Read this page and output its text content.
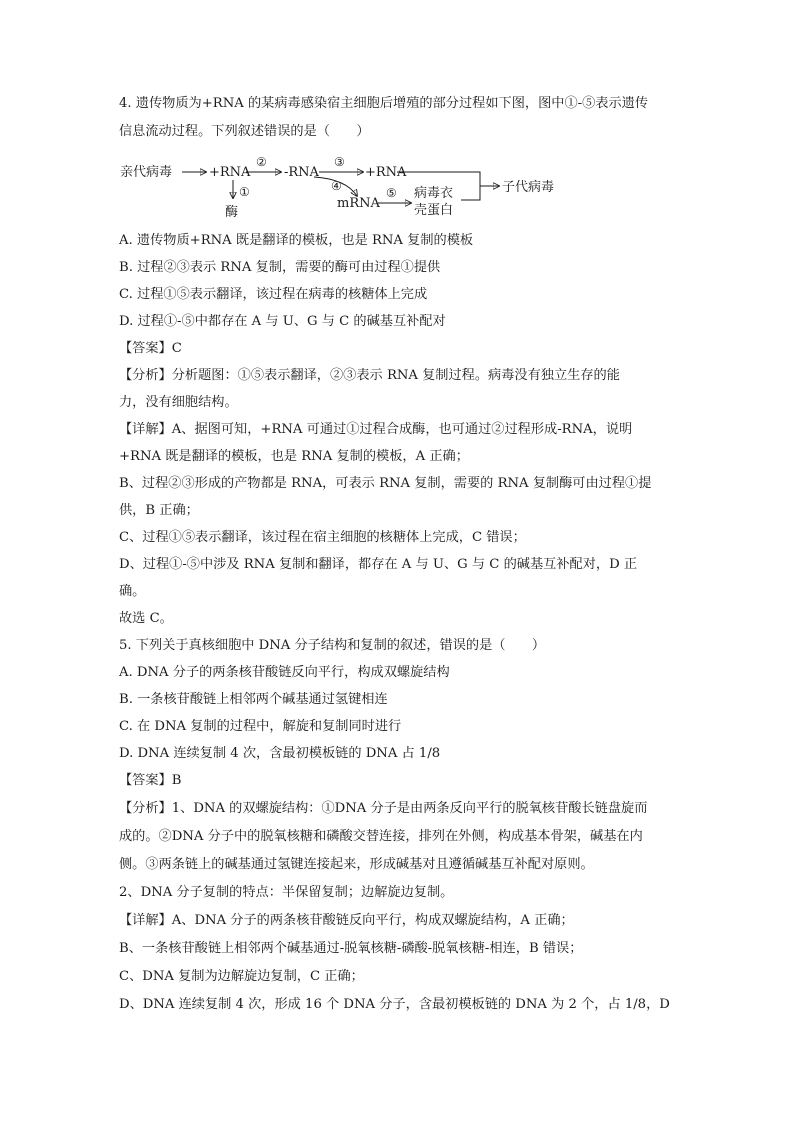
4. 遗传物质为+RNA 的某病毒感染宿主细胞后增殖的部分过程如下图，图中①-⑤表示遗传
信息流动过程。下列叙述错误的是（　　）
亲代病毒	+RNA
①
酶
②
-RNA
③
+RNA
④
mRNA
⑤ 病毒衣
壳蛋白
子代病毒
A. 遗传物质+RNA 既是翻译的模板，也是 RNA 复制的模板
B. 过程②③表示 RNA 复制，需要的酶可由过程①提供
C. 过程①⑤表示翻译，该过程在病毒的核糖体上完成
D. 过程①-⑤中都存在 A 与 U、G 与 C 的碱基互补配对
【答案】C
【分析】分析题图：①⑤表示翻译，②③表示 RNA 复制过程。病毒没有独立生存的能
力，没有细胞结构。
【详解】A、据图可知，+RNA 可通过①过程合成酶，也可通过②过程形成-RNA，说明
+RNA 既是翻译的模板，也是 RNA 复制的模板，A 正确；
B、过程②③形成的产物都是 RNA，可表示 RNA 复制，需要的 RNA 复制酶可由过程①提
供，B 正确；
C、过程①⑤表示翻译，该过程在宿主细胞的核糖体上完成，C 错误；
D、过程①-⑤中涉及 RNA 复制和翻译，都存在 A 与 U、G 与 C 的碱基互补配对，D 正
确。
故选 C。
5. 下列关于真核细胞中 DNA 分子结构和复制的叙述，错误的是（　　）
A. DNA 分子的两条核苷酸链反向平行，构成双螺旋结构
B. 一条核苷酸链上相邻两个碱基通过氢键相连
C. 在 DNA 复制的过程中，解旋和复制同时进行
D. DNA 连续复制 4 次，含最初模板链的 DNA 占 1/8
【答案】B
【分析】1、DNA 的双螺旋结构：①DNA 分子是由两条反向平行的脱氧核苷酸长链盘旋而
成的。②DNA 分子中的脱氧核糖和磷酸交替连接，排列在外侧，构成基本骨架，碱基在内
侧。③两条链上的碱基通过氢键连接起来，形成碱基对且遵循碱基互补配对原则。
2、DNA 分子复制的特点：半保留复制；边解旋边复制。
【详解】A、DNA 分子的两条核苷酸链反向平行，构成双螺旋结构，A 正确；
B、一条核苷酸链上相邻两个碱基通过-脱氧核糖-磷酸-脱氧核糖-相连，B 错误；
C、DNA 复制为边解旋边复制，C 正确；
D、DNA 连续复制 4 次，形成 16 个 DNA 分子，含最初模板链的 DNA 为 2 个，占 1/8，D
